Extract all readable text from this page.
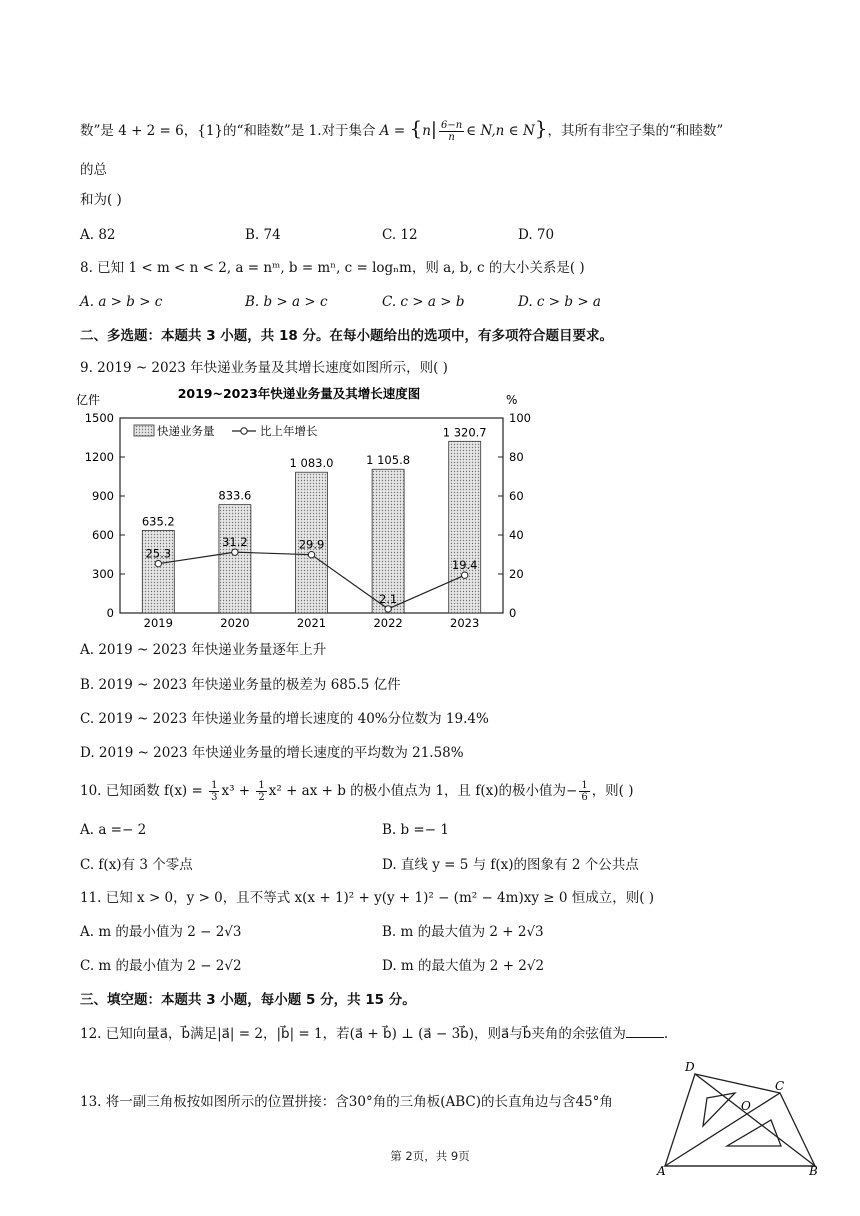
数”是 4 + 2 = 6，{1}的“和睦数”是 1.对于集合 $A = \{n| \frac{6-n}{n}$ ∈ N,n ∈ N}，其所有非空子集的“和睦数”
的总
和为( )
A. 82	B. 74	C. 12	D. 70
8. 已知 1 < m < n < 2, a = nᵐ, b = mⁿ, c = logₙm，则 a, b, c 的大小关系是( )
A. a > b > c	B. b > a > c	C. c > a > b	D. c > b > a
二、多选题：本题共 3 小题，共 18 分。在每小题给出的选项中，有多项符合题目要求。
9. 2019 ~ 2023 年快递业务量及其增长速度如图所示，则( )
2019~2023年快递业务量及其增长速度图
亿件	%
0
300
600
900
1200
1500
0
20
40
60
80
100
635.2
833.6
1 083.0	1 105.8
1 320.7
2019	2020	2021	2022	2023
25.3
31.2	29.9
2.1
19.4
快递业务量	比上年增长
A. 2019 ~ 2023 年快递业务量逐年上升
B. 2019 ~ 2023 年快递业务量的极差为 685.5 亿件
C. 2019 ~ 2023 年快递业务量的增长速度的 40%分位数为 19.4%
D. 2019 ~ 2023 年快递业务量的增长速度的平均数为 21.58%
10. 已知函数 $f(x) = \frac{1}{3} x^3 + \frac{1}{2} x^2$ + ax + b 的极小值点为 1，且 f(x)的极小值为− $\frac{1}{6}$ ，则( )
A. a =− 2	B. b =− 1
C. f(x)有 3 个零点	D. 直线 y = 5 与 f(x)的图象有 2 个公共点
11. 已知 x > 0，y > 0，且不等式 x(x + 1)² + y(y + 1)² − (m² − 4m)xy ≥ 0 恒成立，则( )
A. m 的最小值为 2 − 2√3	B. m 的最大值为 2 + 2√3
C. m 的最小值为 2 − 2√2	D. m 的最大值为 2 + 2√2
三、填空题：本题共 3 小题，每小题 5 分，共 15 分。
12. 已知向量a⃗，b⃗满足|a⃗| = 2，|b⃗| = 1，若(a⃗ + b⃗) ⊥ (a⃗ − 3b⃗)，则a⃗与b⃗夹角的余弦值为	.
13. 将一副三角板按如图所示的位置拼接：含30°角的三角板(ABC)的长直角边与含45°角
D
C
O
A	B
第 2页，共 9页
